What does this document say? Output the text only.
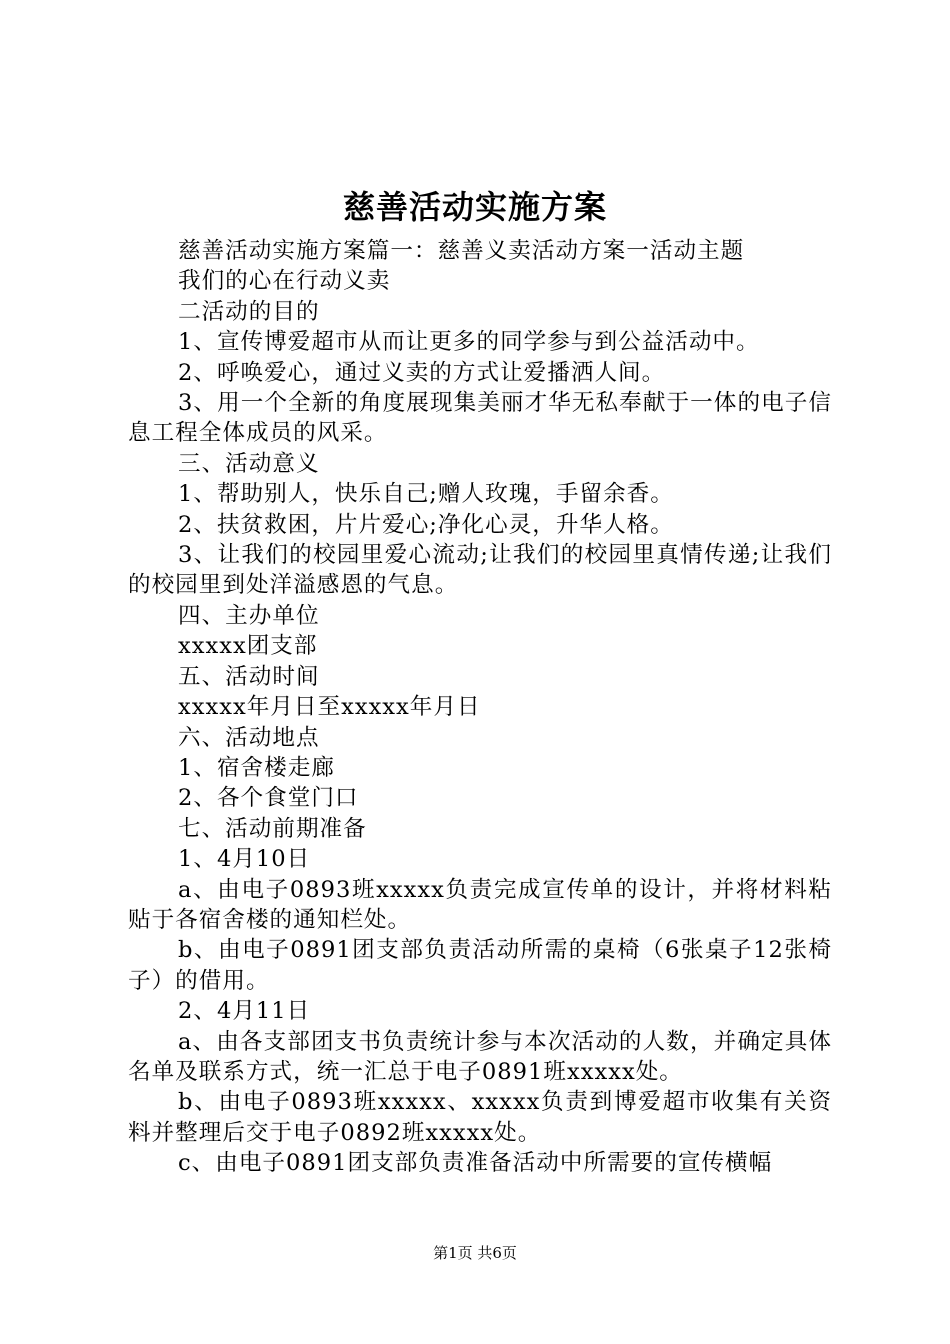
慈善活动实施方案

慈善活动实施方案篇一：慈善义卖活动方案一活动主题

我们的心在行动义卖

二活动的目的

1、宣传博爱超市从而让更多的同学参与到公益活动中。

2、呼唤爱心，通过义卖的方式让爱播洒人间。

3、用一个全新的角度展现集美丽才华无私奉献于一体的电子信息工程全体成员的风采。

三、活动意义

1、帮助别人，快乐自己;赠人玫瑰，手留余香。

2、扶贫救困，片片爱心;净化心灵，升华人格。

3、让我们的校园里爱心流动;让我们的校园里真情传递;让我们的校园里到处洋溢感恩的气息。

四、主办单位

xxxxx团支部

五、活动时间

xxxxx年月日至xxxxx年月日

六、活动地点

1、宿舍楼走廊

2、各个食堂门口

七、活动前期准备

1、4月10日

a、由电子0893班xxxxx负责完成宣传单的设计，并将材料粘贴于各宿舍楼的通知栏处。

b、由电子0891团支部负责活动所需的桌椅（6张桌子12张椅子）的借用。

2、4月11日

a、由各支部团支书负责统计参与本次活动的人数，并确定具体名单及联系方式，统一汇总于电子0891班xxxxx处。

b、由电子0893班xxxxx、xxxxx负责到博爱超市收集有关资料并整理后交于电子0892班xxxxx处。

c、由电子0891团支部负责准备活动中所需要的宣传横幅

第1页 共6页
